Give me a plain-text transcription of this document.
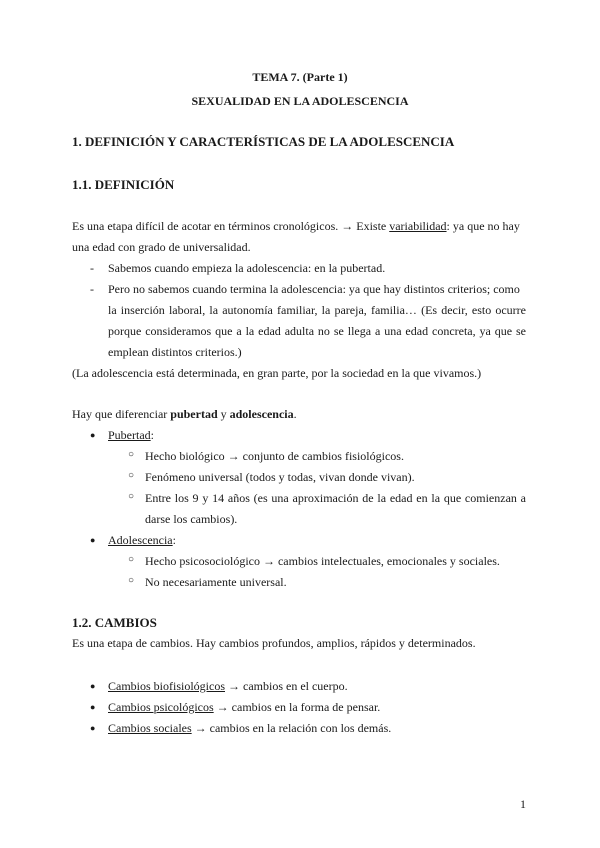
TEMA 7. (Parte 1)
SEXUALIDAD EN LA ADOLESCENCIA
1. DEFINICIÓN Y CARACTERÍSTICAS DE LA ADOLESCENCIA
1.1. DEFINICIÓN
Es una etapa difícil de acotar en términos cronológicos. → Existe variabilidad: ya que no hay
una edad con grado de universalidad.
- Sabemos cuando empieza la adolescencia: en la pubertad.
- Pero no sabemos cuando termina la adolescencia: ya que hay distintos criterios; como
la inserción laboral, la autonomía familiar, la pareja, familia… (Es decir, esto ocurre
porque consideramos que a la edad adulta no se llega a una edad concreta, ya que se
emplean distintos criterios.)
(La adolescencia está determinada, en gran parte, por la sociedad en la que vivamos.)
Hay que diferenciar pubertad y adolescencia.
● Pubertad:
○ Hecho biológico → conjunto de cambios fisiológicos.
○ Fenómeno universal (todos y todas, vivan donde vivan).
○ Entre los 9 y 14 años (es una aproximación de la edad en la que comienzan a
darse los cambios).
● Adolescencia:
○ Hecho psicosociológico → cambios intelectuales, emocionales y sociales.
○ No necesariamente universal.
1.2. CAMBIOS
Es una etapa de cambios. Hay cambios profundos, amplios, rápidos y determinados.
● Cambios biofisiológicos → cambios en el cuerpo.
● Cambios psicológicos → cambios en la forma de pensar.
● Cambios sociales → cambios en la relación con los demás.
1
